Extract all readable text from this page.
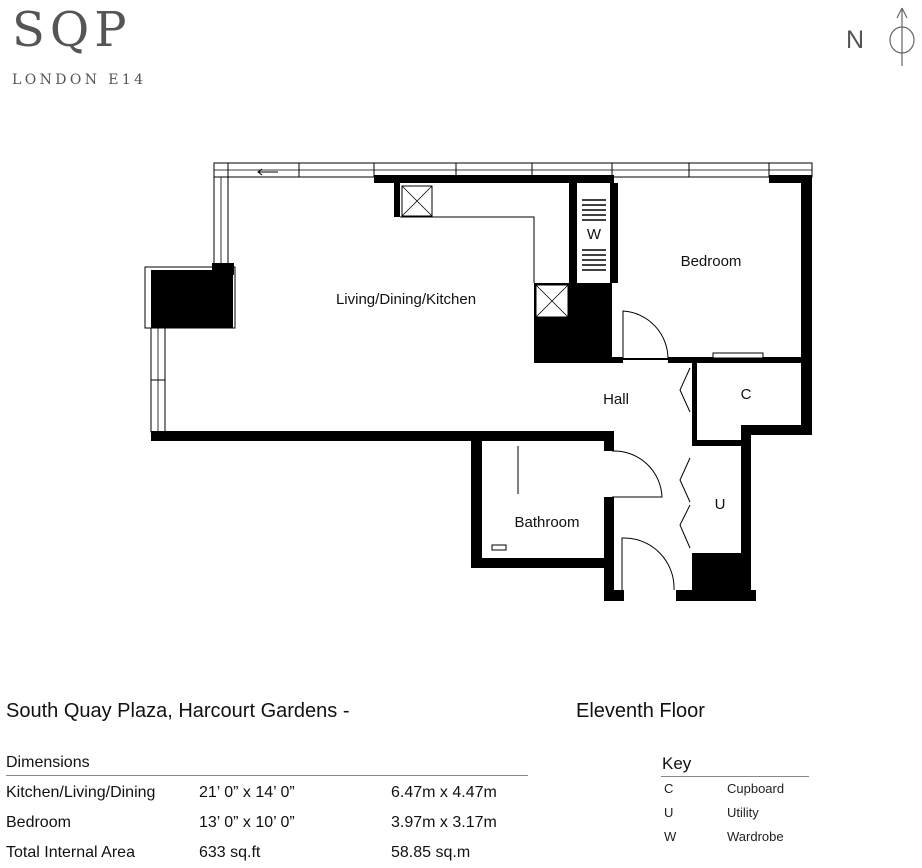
SQP
LONDON E14
N
Living/Dining/Kitchen
Bedroom
W
Hall	C
Bathroom
U
South Quay Plaza, Harcourt Gardens -	Eleventh Floor
Dimensions
Kitchen/Living/Dining	21’ 0” x 14’ 0”	6.47m x 4.47m
Bedroom	13’ 0” x 10’ 0”	3.97m x 3.17m
Total Internal Area	633 sq.ft	58.85 sq.m
Key
C	Cupboard
U	Utility
W	Wardrobe
